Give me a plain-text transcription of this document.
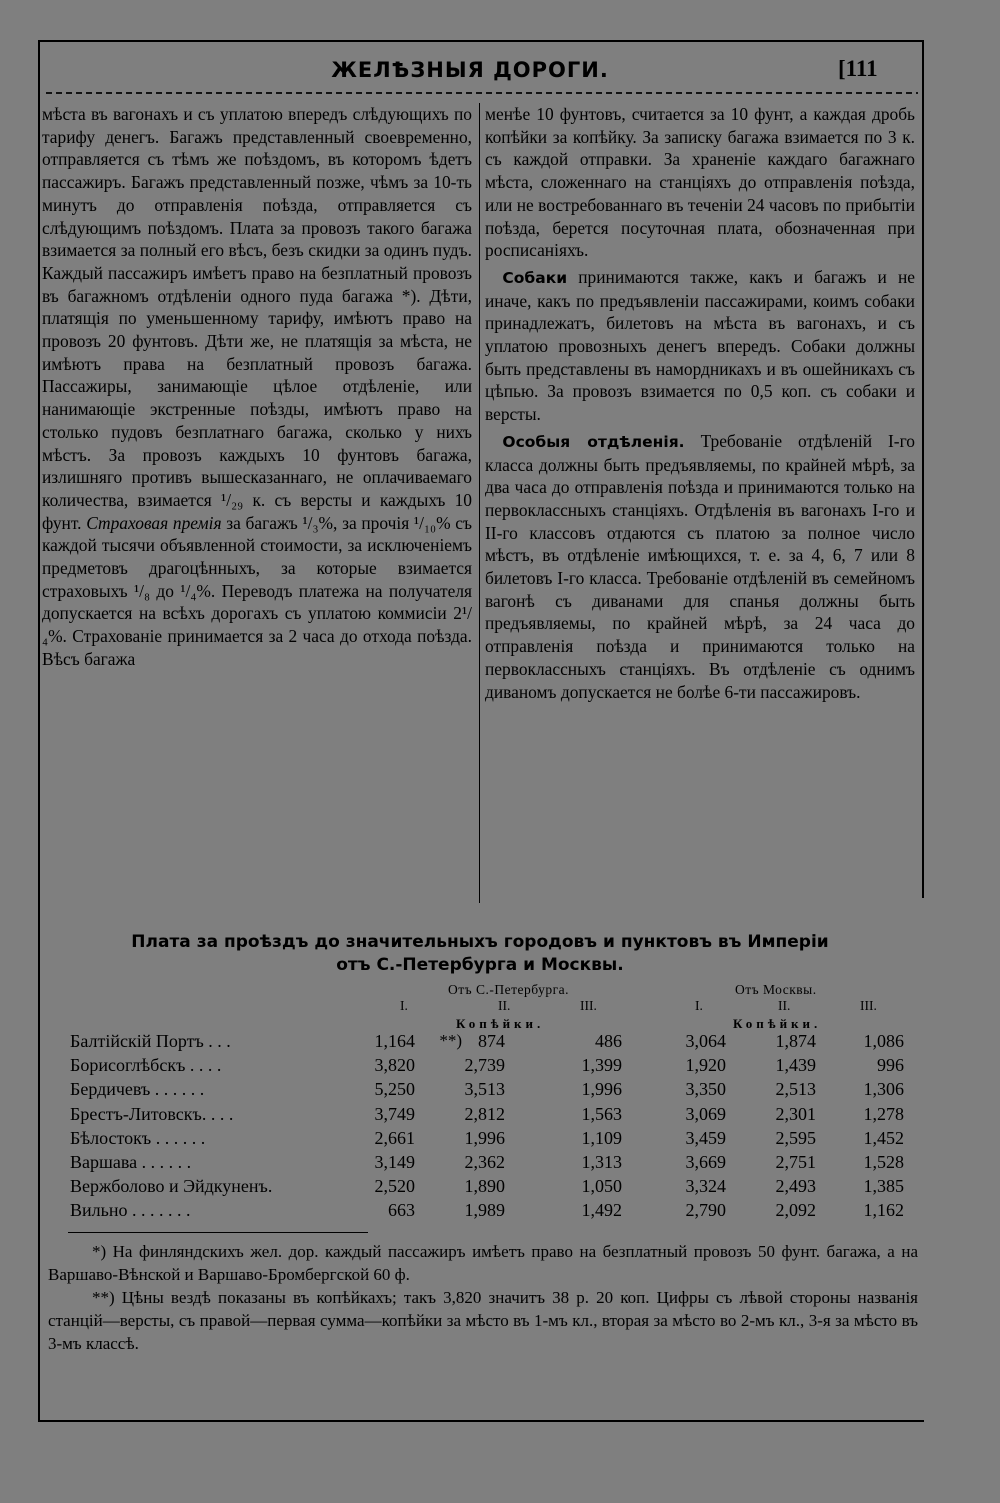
ЖЕЛѢЗНЫЯ ДОРОГИ.	[111

мѣста въ вагонахъ и съ уплатою впередъ слѣдующихъ по тарифу денегъ. Багажъ представленный своевременно, отправляется съ тѣмъ же поѣздомъ, въ которомъ ѣдетъ пассажиръ. Багажъ представленный позже, чѣмъ за 10-ть минутъ до отправленія поѣзда, отправляется съ слѣдующимъ поѣздомъ. Плата за провозъ такого багажа взимается за полный его вѣсъ, безъ скидки за одинъ пудъ. Каждый пассажиръ имѣетъ право на безплатный провозъ въ багажномъ отдѣленіи одного пуда багажа *). Дѣти, платящія по уменьшенному тарифу, имѣютъ право на провозъ 20 фунтовъ. Дѣти же, не платящія за мѣста, не имѣютъ права на безплатный провозъ багажа. Пассажиры, занимающіе цѣлое отдѣленіе, или нанимающіе экстренные поѣзды, имѣютъ право на столько пудовъ безплатнаго багажа, сколько у нихъ мѣстъ. За провозъ каждыхъ 10 фунтовъ багажа, излишняго противъ вышесказаннаго, не оплачиваемаго количества, взимается ¹/₂₉ к. съ версты и каждыхъ 10 фунт. Страховая премія за багажъ ¹/₃%, за прочія ¹/₁₀% съ каждой тысячи объявленной стоимости, за исключеніемъ предметовъ драгоцѣнныхъ, за которые взимается страховыхъ ¹/₈ до ¹/₄%. Переводъ платежа на получателя допускается на всѣхъ дорогахъ съ уплатою коммисіи 2¹/₄%. Страхованіе принимается за 2 часа до отхода поѣзда. Вѣсъ багажа

менѣе 10 фунтовъ, считается за 10 фунт, а каждая дробь копѣйки за копѣйку. За записку багажа взимается по 3 к. съ каждой отправки. За храненіе каждаго багажнаго мѣста, сложеннаго на станціяхъ до отправленія поѣзда, или не востребованнаго въ теченіи 24 часовъ по прибытіи поѣзда, берется посуточная плата, обозначенная при росписаніяхъ.

 Собаки принимаются также, какъ и багажъ и не иначе, какъ по предъявленіи пассажирами, коимъ собаки принадлежатъ, билетовъ на мѣста въ вагонахъ, и съ уплатою провозныхъ денегъ впередъ. Собаки должны быть представлены въ намордникахъ и въ ошейникахъ съ цѣпью. За провозъ взимается по 0,5 коп. съ собаки и версты.

 Особыя отдѣленія. Требованіе отдѣленій I-го класса должны быть предъявляемы, по крайней мѣрѣ, за два часа до отправленія поѣзда и принимаются только на первоклассныхъ станціяхъ. Отдѣленія въ вагонахъ I-го и II-го классовъ отдаются съ платою за полное число мѣстъ, въ отдѣленіе имѣющихся, т. е. за 4, 6, 7 или 8 билетовъ I-го класса. Требованіе отдѣленій въ семейномъ вагонѣ съ диванами для спанья должны быть предъявляемы, по крайней мѣрѣ, за 24 часа до отправленія поѣзда и принимаются только на первоклассныхъ станціяхъ. Въ отдѣленіе съ однимъ диваномъ допускается не болѣе 6-ти пассажировъ.

Плата за проѣздъ до значительныхъ городовъ и пунктовъ въ Имперіи
отъ С.-Петербурга и Москвы.
Отъ С.-Петербурга.	Отъ Москвы.
I.	II.	III.	I.	II.	III.
Копѣйки.	Копѣйки.
Балтійскій Портъ . . .	1,164	874	486	3,064	1,874	1,086
**)
Борисоглѣбскъ . . . .	3,820	2,739	1,399	1,920	1,439	996
Бердичевъ . . . . . .	5,250	3,513	1,996	3,350	2,513	1,306
Брестъ-Литовскъ. . . .	3,749	2,812	1,563	3,069	2,301	1,278
Бѣлостокъ . . . . . .	2,661	1,996	1,109	3,459	2,595	1,452
Варшава . . . . . .	3,149	2,362	1,313	3,669	2,751	1,528
Вержболово и Эйдкуненъ.	2,520	1,890	1,050	3,324	2,493	1,385
Вильно . . . . . . .	663	1,989	1,492	2,790	2,092	1,162

*) На финляндскихъ жел. дор. каждый пассажиръ имѣетъ право на безплатный провозъ 50 фунт. багажа, а на Варшаво-Вѣнской и Варшаво-Бромбергской 60 ф.

**) Цѣны вездѣ показаны въ копѣйкахъ; такъ 3,820 значитъ 38 р. 20 коп. Цифры съ лѣвой стороны названія станцій—версты, съ правой—первая сумма—копѣйки за мѣсто въ 1-мъ кл., вторая за мѣсто во 2-мъ кл., 3-я за мѣсто въ 3-мъ классѣ.
